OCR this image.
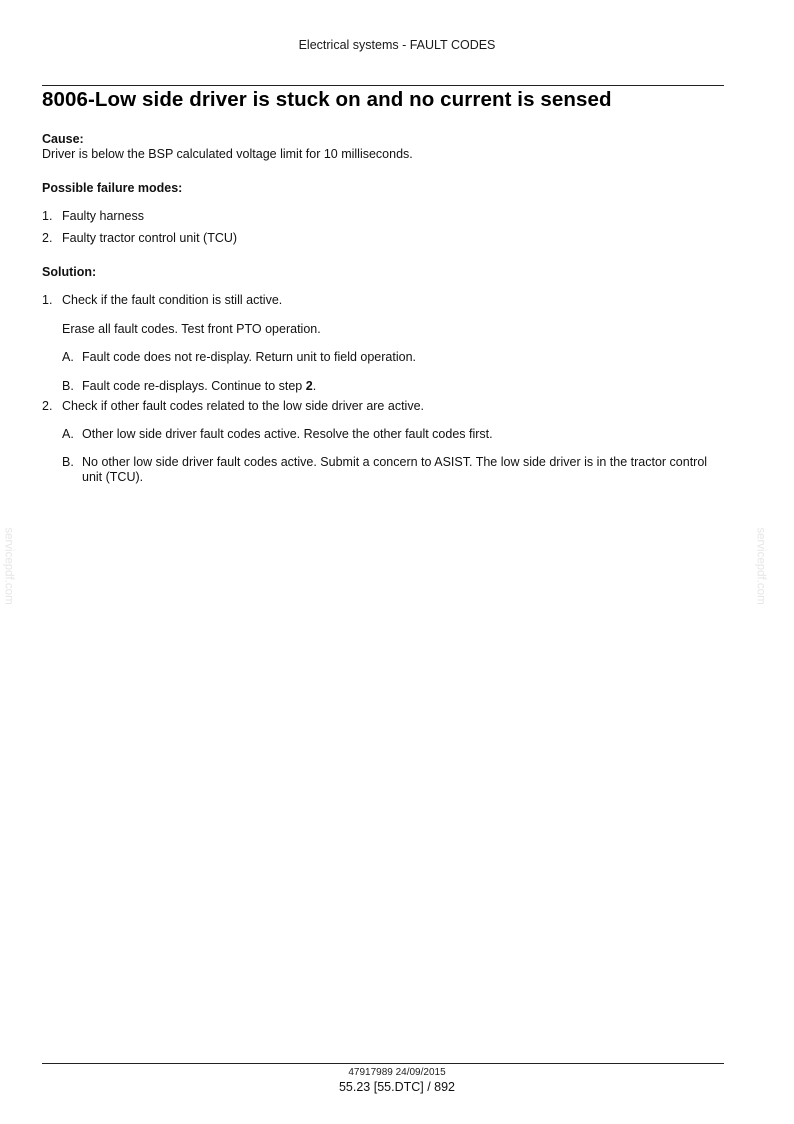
Electrical systems - FAULT CODES
8006-Low side driver is stuck on and no current is sensed

Cause:

Driver is below the BSP calculated voltage limit for 10 milliseconds.

Possible failure modes:

1. Faulty harness
2. Faulty tractor control unit (TCU)

Solution:

1. Check if the fault condition is still active.

Erase all fault codes. Test front PTO operation.

A. Fault code does not re-display. Return unit to field operation.
B. Fault code re-displays. Continue to step 2.
2. Check if other fault codes related to the low side driver are active.
A. Other low side driver fault codes active. Resolve the other fault codes first.
B. No other low side driver fault codes active. Submit a concern to ASIST. The low side driver is in the tractor control unit (TCU).
servicepdf.com	servicepdf.com
47917989 24/09/2015
55.23 [55.DTC] / 892
